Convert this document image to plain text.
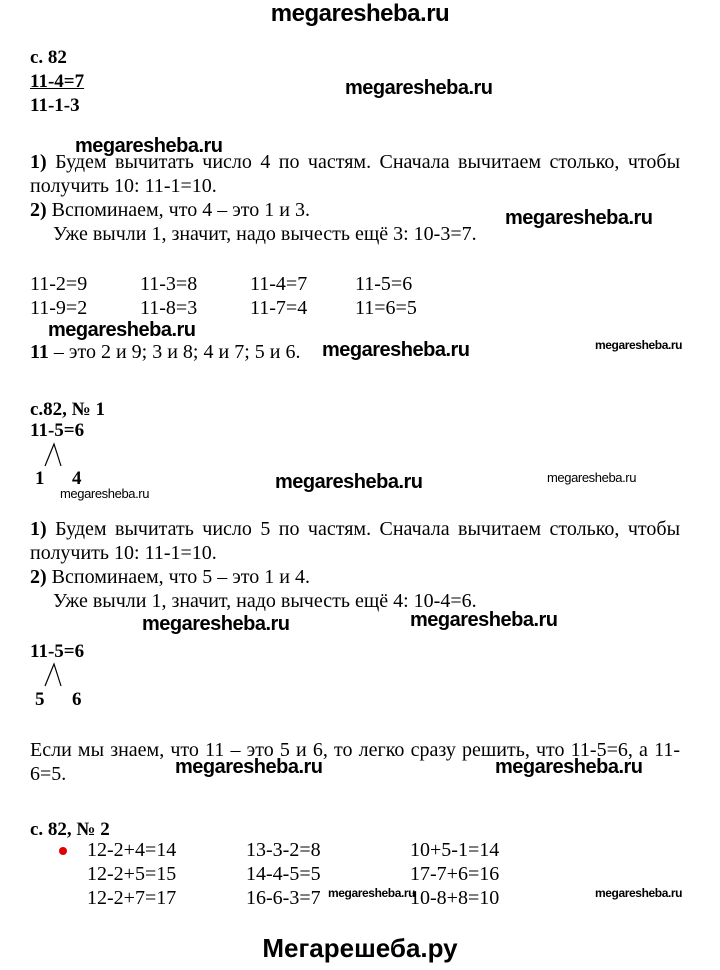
megaresheba.ru
с. 82
11-4=7
11-1-3
megaresheba.ru
megaresheba.ru
1) Будем вычитать число 4 по частям. Сначала вычитаем столько, чтобы получить 10: 11-1=10.
2) Вспоминаем, что 4 – это 1 и 3.
Уже вычли 1, значит, надо вычесть ещё 3: 10-3=7.
megaresheba.ru
11-2=9	11-3=8	11-4=7 11-5=6
11-9=2	11-8=3	11-7=4 11=6=5
megaresheba.ru
11 – это 2 и 9; 3 и 8; 4 и 7; 5 и 6. megaresheba.ru	megaresheba.ru
с.82, № 1
11-5=6
1 4	megaresheba.ru	megaresheba.ru
megaresheba.ru
1) Будем вычитать число 5 по частям. Сначала вычитаем столько, чтобы получить 10: 11-1=10.
2) Вспоминаем, что 5 – это 1 и 4.
Уже вычли 1, значит, надо вычесть ещё 4: 10-4=6.
megaresheba.ru	megaresheba.ru
11-5=6
5 6
Если мы знаем, что 11 – это 5 и 6, то легко сразу решить, что 11-5=6, а 11-6=5.	megaresheba.ru	megaresheba.ru
с. 82, № 2
12-2+4=14	13-3-2=8	10+5-1=14
12-2+5=15	14-4-5=5	17-7+6=16
12-2+7=17	16-6-3=7	10-8+8=10
megaresheba.ru	megaresheba.ru
Мегарешеба.ру
